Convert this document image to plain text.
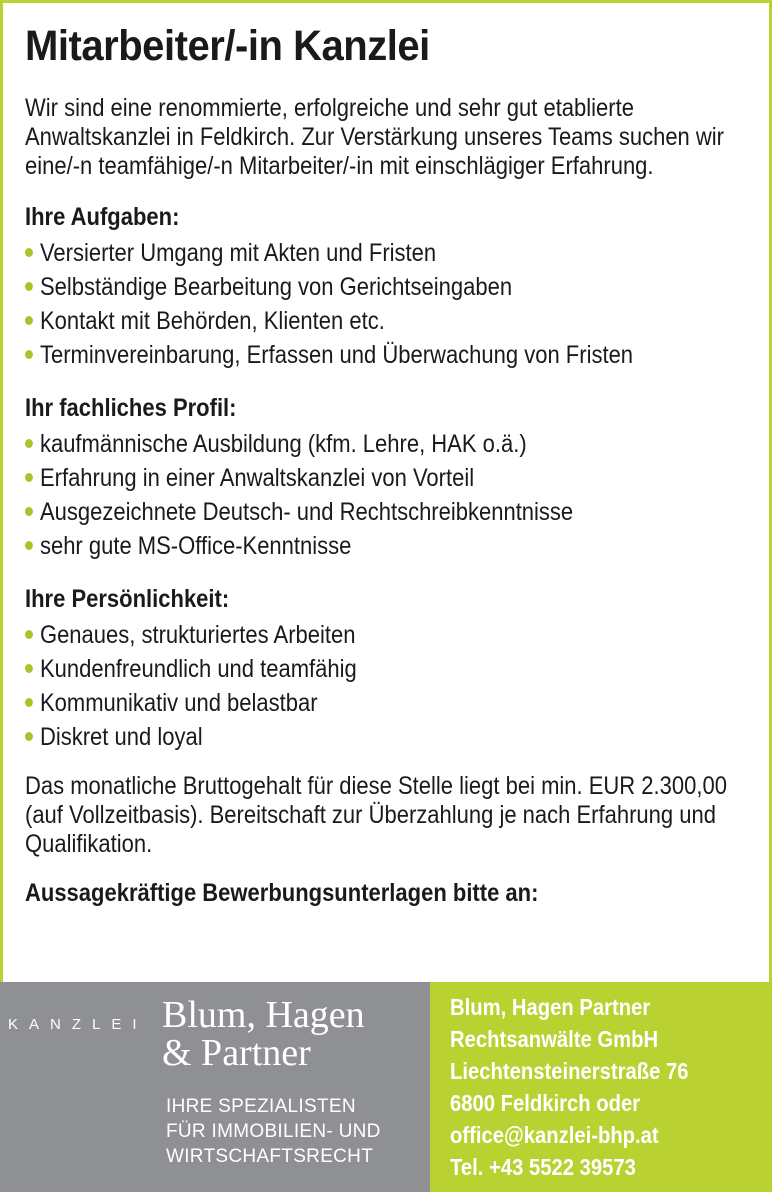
Mitarbeiter/-in Kanzlei

Wir sind eine renommierte, erfolgreiche und sehr gut etablierte Anwaltskanzlei in Feldkirch. Zur Verstärkung unseres Teams suchen wir eine/-n teamfähige/-n Mitarbeiter/-in mit einschlägiger Erfahrung.

Ihre Aufgaben:
Versierter Umgang mit Akten und Fristen
Selbständige Bearbeitung von Gerichtseingaben
Kontakt mit Behörden, Klienten etc.
Terminvereinbarung, Erfassen und Überwachung von Fristen
Ihr fachliches Profil:
kaufmännische Ausbildung (kfm. Lehre, HAK o.ä.)
Erfahrung in einer Anwaltskanzlei von Vorteil
Ausgezeichnete Deutsch- und Rechtschreibkenntnisse
sehr gute MS-Office-Kenntnisse
Ihre Persönlichkeit:
Genaues, strukturiertes Arbeiten
Kundenfreundlich und teamfähig
Kommunikativ und belastbar
Diskret und loyal

Das monatliche Bruttogehalt für diese Stelle liegt bei min. EUR 2.300,00 (auf Vollzeitbasis). Bereitschaft zur Überzahlung je nach Erfahrung und Qualifikation.

Aussagekräftige Bewerbungsunterlagen bitte an:
KANZLEI Blum, Hagen
& Partner
IHRE SPEZIALISTEN
FÜR IMMOBILIEN- UND
WIRTSCHAFTSRECHT
Blum, Hagen Partner
Rechtsanwälte GmbH
Liechtensteinerstraße 76
6800 Feldkirch oder
office@kanzlei-bhp.at
Tel. +43 5522 39573
